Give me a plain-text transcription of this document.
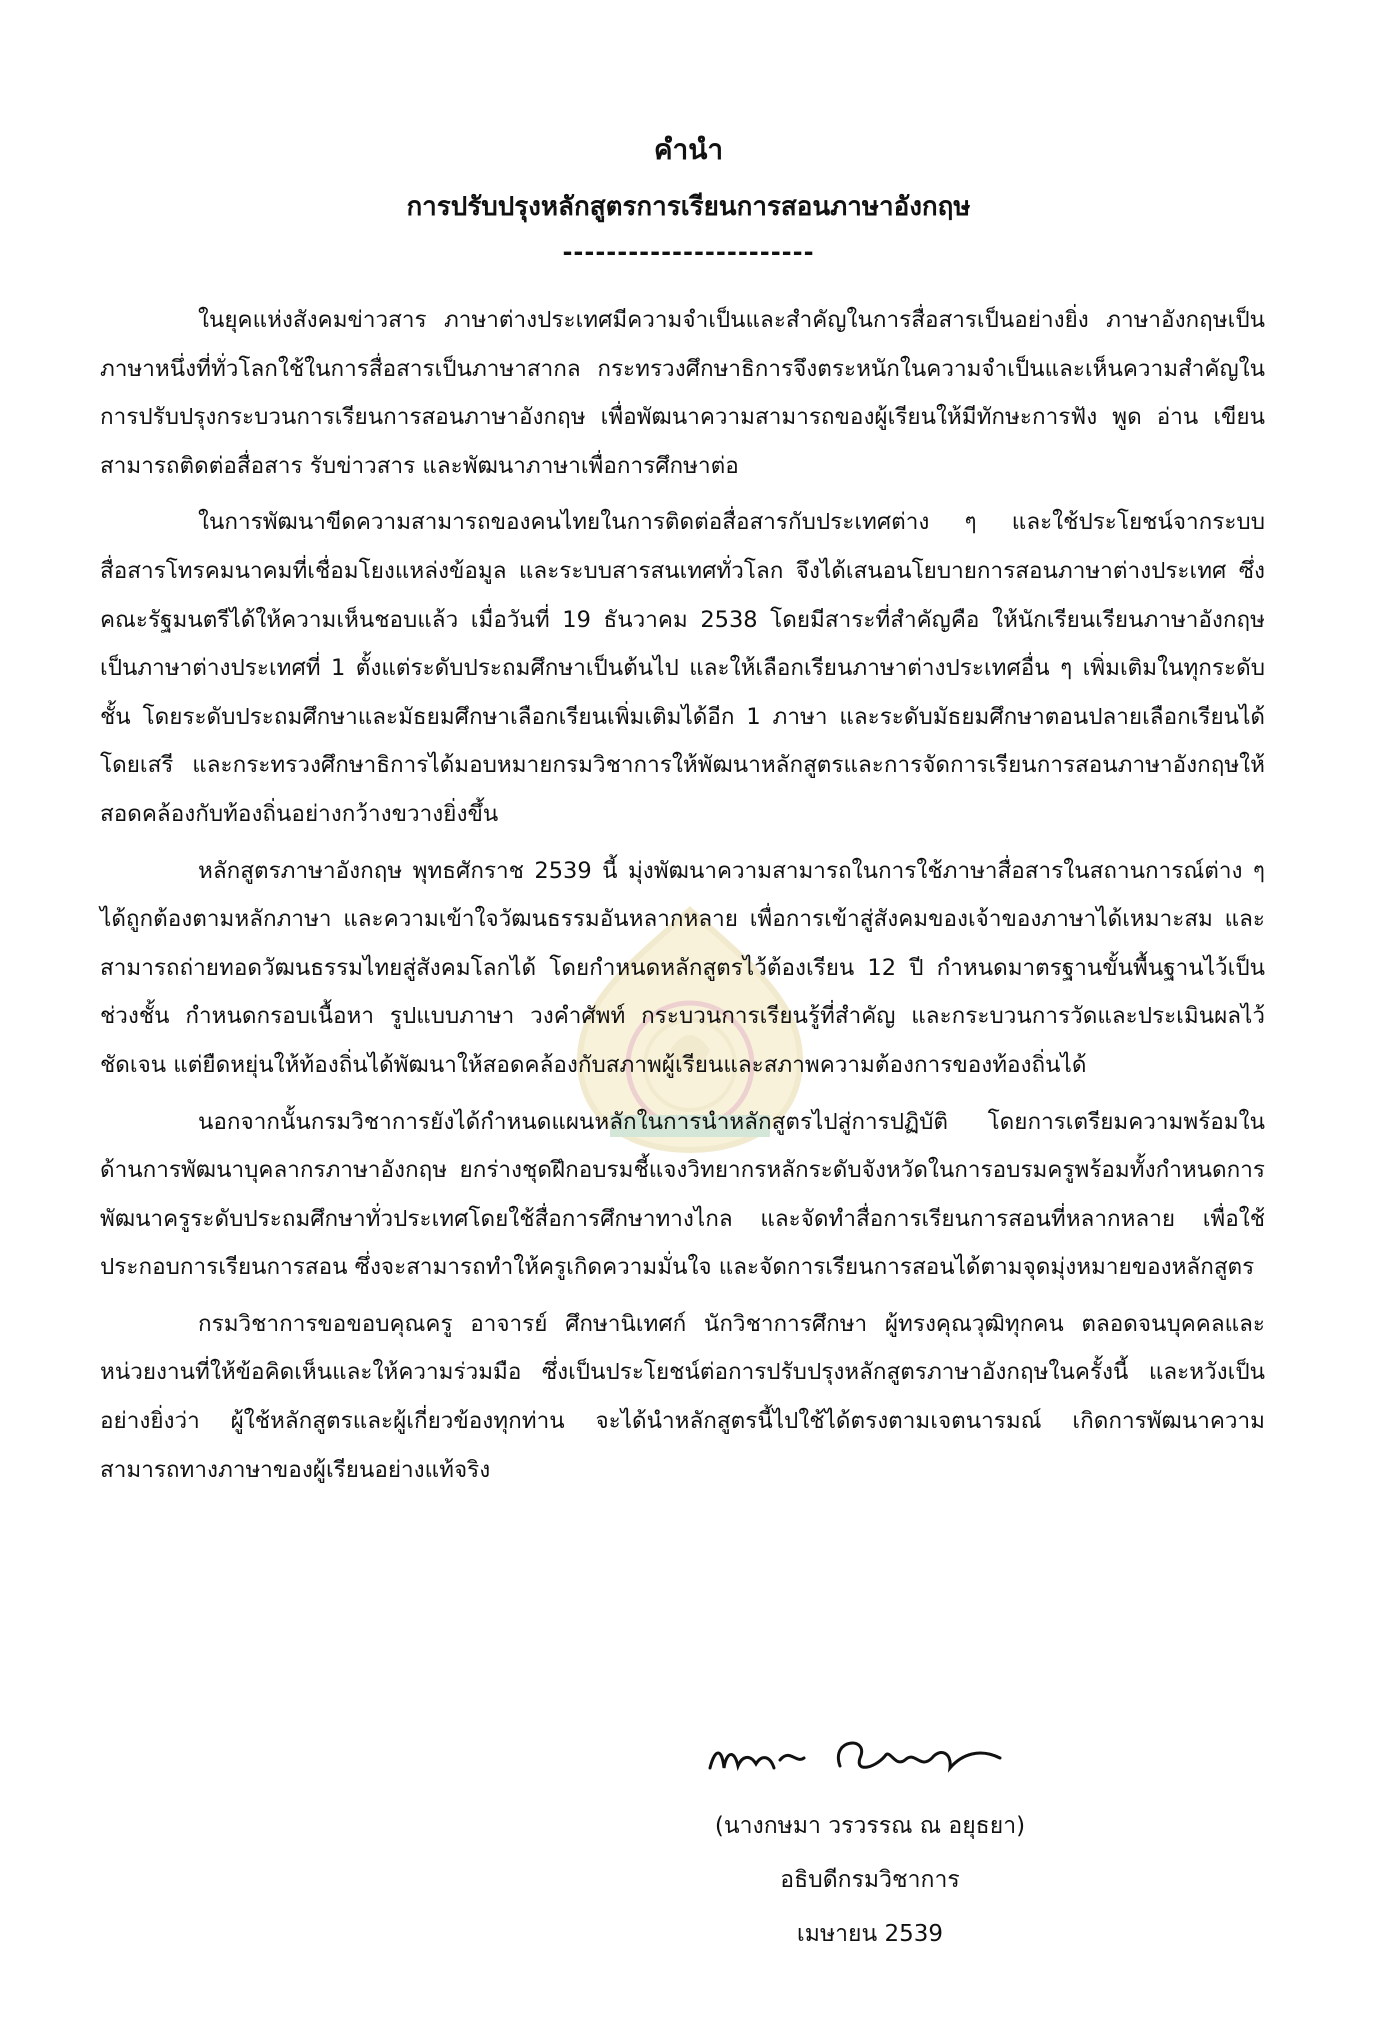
คำนำ
การปรับปรุงหลักสูตรการเรียนการสอนภาษาอังกฤษ
-----------------------

ในยุคแห่งสังคมข่าวสาร ภาษาต่างประเทศมีความจำเป็นและสำคัญในการสื่อสารเป็นอย่างยิ่ง ภาษาอังกฤษเป็นภาษาหนึ่งที่ทั่วโลกใช้ในการสื่อสารเป็นภาษาสากล กระทรวงศึกษาธิการจึงตระหนักในความจำเป็นและเห็นความสำคัญในการปรับปรุงกระบวนการเรียนการสอนภาษาอังกฤษ เพื่อพัฒนาความสามารถของผู้เรียนให้มีทักษะการฟัง พูด อ่าน เขียน สามารถติดต่อสื่อสาร รับข่าวสาร และพัฒนาภาษาเพื่อการศึกษาต่อ

ในการพัฒนาขีดความสามารถของคนไทยในการติดต่อสื่อสารกับประเทศต่าง ๆ และใช้ประโยชน์จากระบบสื่อสารโทรคมนาคมที่เชื่อมโยงแหล่งข้อมูล และระบบสารสนเทศทั่วโลก จึงได้เสนอนโยบายการสอนภาษาต่างประเทศ ซึ่งคณะรัฐมนตรีได้ให้ความเห็นชอบแล้ว เมื่อวันที่ 19 ธันวาคม 2538 โดยมีสาระที่สำคัญคือ ให้นักเรียนเรียนภาษาอังกฤษเป็นภาษาต่างประเทศที่ 1 ตั้งแต่ระดับประถมศึกษาเป็นต้นไป และให้เลือกเรียนภาษาต่างประเทศอื่น ๆ เพิ่มเติมในทุกระดับชั้น โดยระดับประถมศึกษาและมัธยมศึกษาเลือกเรียนเพิ่มเติมได้อีก 1 ภาษา และระดับมัธยมศึกษาตอนปลายเลือกเรียนได้โดยเสรี และกระทรวงศึกษาธิการได้มอบหมายกรมวิชาการให้พัฒนาหลักสูตรและการจัดการเรียนการสอนภาษาอังกฤษให้สอดคล้องกับท้องถิ่นอย่างกว้างขวางยิ่งขึ้น

หลักสูตรภาษาอังกฤษ พุทธศักราช 2539 นี้ มุ่งพัฒนาความสามารถในการใช้ภาษาสื่อสารในสถานการณ์ต่าง ๆ ได้ถูกต้องตามหลักภาษา และความเข้าใจวัฒนธรรมอันหลากหลาย เพื่อการเข้าสู่สังคมของเจ้าของภาษาได้เหมาะสม และสามารถถ่ายทอดวัฒนธรรมไทยสู่สังคมโลกได้ โดยกำหนดหลักสูตรไว้ต้องเรียน 12 ปี กำหนดมาตรฐานขั้นพื้นฐานไว้เป็นช่วงชั้น กำหนดกรอบเนื้อหา รูปแบบภาษา วงคำศัพท์ กระบวนการเรียนรู้ที่สำคัญ และกระบวนการวัดและประเมินผลไว้ชัดเจน แต่ยืดหยุ่นให้ท้องถิ่นได้พัฒนาให้สอดคล้องกับสภาพผู้เรียนและสภาพความต้องการของท้องถิ่นได้

นอกจากนั้นกรมวิชาการยังได้กำหนดแผนหลักในการนำหลักสูตรไปสู่การปฏิบัติ โดยการเตรียมความพร้อมในด้านการพัฒนาบุคลากรภาษาอังกฤษ ยกร่างชุดฝึกอบรมชี้แจงวิทยากรหลักระดับจังหวัดในการอบรมครูพร้อมทั้งกำหนดการพัฒนาครูระดับประถมศึกษาทั่วประเทศโดยใช้สื่อการศึกษาทางไกล และจัดทำสื่อการเรียนการสอนที่หลากหลาย เพื่อใช้ประกอบการเรียนการสอน ซึ่งจะสามารถทำให้ครูเกิดความมั่นใจ และจัดการเรียนการสอนได้ตามจุดมุ่งหมายของหลักสูตร

กรมวิชาการขอขอบคุณครู อาจารย์ ศึกษานิเทศก์ นักวิชาการศึกษา ผู้ทรงคุณวุฒิทุกคน ตลอดจนบุคคลและหน่วยงานที่ให้ข้อคิดเห็นและให้ความร่วมมือ ซึ่งเป็นประโยชน์ต่อการปรับปรุงหลักสูตรภาษาอังกฤษในครั้งนี้ และหวังเป็นอย่างยิ่งว่า ผู้ใช้หลักสูตรและผู้เกี่ยวข้องทุกท่าน จะได้นำหลักสูตรนี้ไปใช้ได้ตรงตามเจตนารมณ์ เกิดการพัฒนาความสามารถทางภาษาของผู้เรียนอย่างแท้จริง

(นางกษมา วรวรรณ ณ อยุธยา)
อธิบดีกรมวิชาการ
เมษายน 2539
